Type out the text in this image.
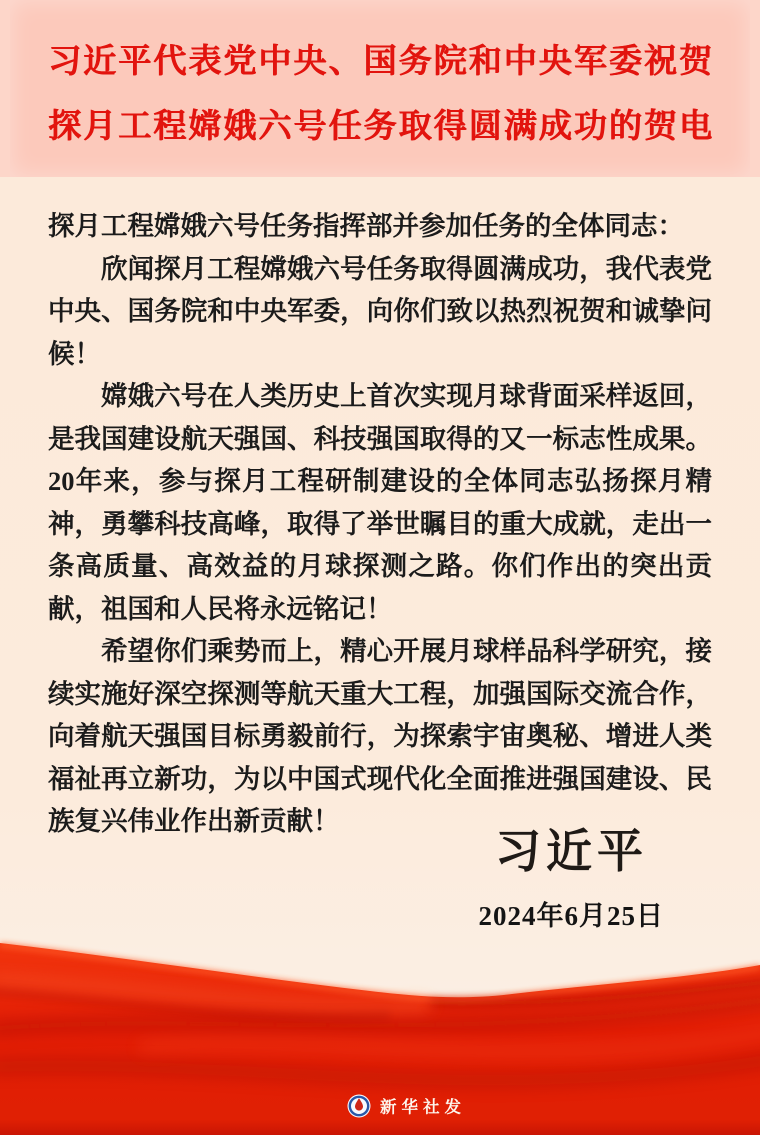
习 近 平 代 表 党 中 央 、 国 务 院 和 中 央 军 委 祝 贺
探 月 工 程 嫦 娥 六 号 任 务 取 得 圆 满 成 功 的 贺 电

探月工程嫦娥六号任务指挥部并参加任务的全体同志：

欣闻探月工程嫦娥六号任务取得圆满成功，我代表党中央、国务院和中央军委，向你们致以热烈祝贺和诚挚问候！

嫦娥六号在人类历史上首次实现月球背面采样返回，是我国建设航天强国、科技强国取得的又一标志性成果。20年来，参与探月工程研制建设的全体同志弘扬探月精神，勇攀科技高峰，取得了举世瞩目的重大成就，走出一条高质量、高效益的月球探测之路。你们作出的突出贡献，祖国和人民将永远铭记！

希望你们乘势而上，精心开展月球样品科学研究，接续实施好深空探测等航天重大工程，加强国际交流合作，向着航天强国目标勇毅前行，为探索宇宙奥秘、增进人类福祉再立新功，为以中国式现代化全面推进强国建设、民族复兴伟业作出新贡献！

习近平
2024年6月25日
新华社发
